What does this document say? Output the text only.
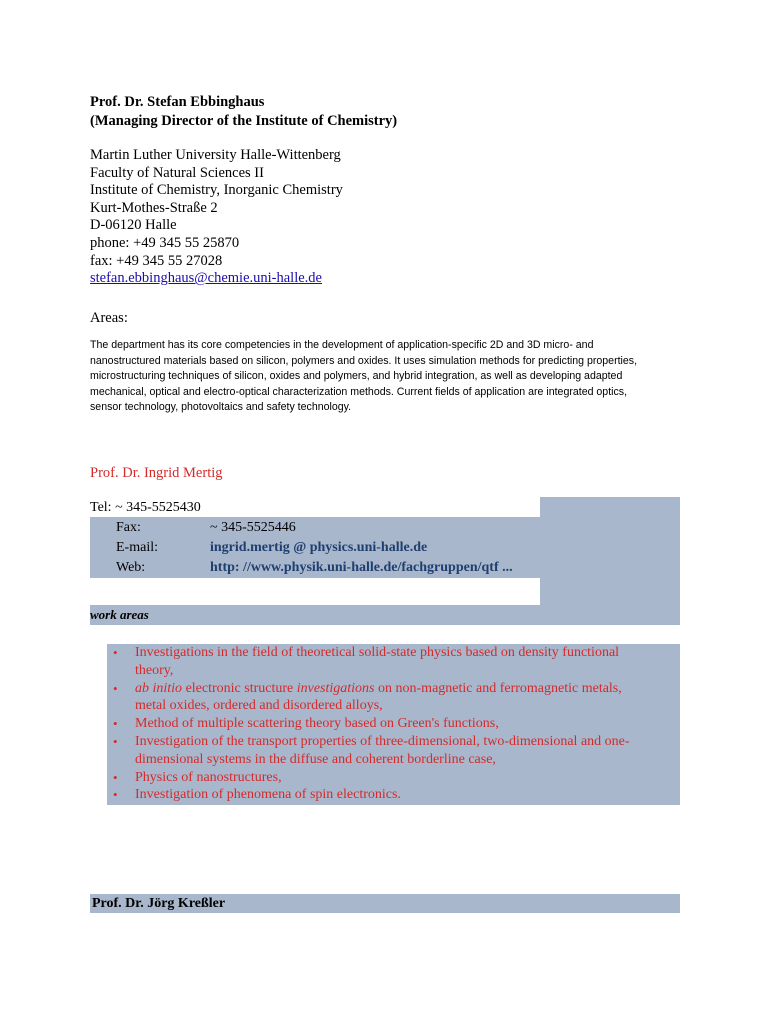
Prof. Dr. Stefan Ebbinghaus
(Managing Director of the Institute of Chemistry)
Martin Luther University Halle-Wittenberg
Faculty of Natural Sciences II
Institute of Chemistry, Inorganic Chemistry
Kurt-Mothes-Straße 2
D-06120 Halle
phone: +49 345 55 25870
fax: +49 345 55 27028
stefan.ebbinghaus@chemie.uni-halle.de
Areas:
The department has its core competencies in the development of application-specific 2D and 3D micro- and
nanostructured materials based on silicon, polymers and oxides. It uses simulation methods for predicting properties,
microstructuring techniques of silicon, oxides and polymers, and hybrid integration, as well as developing adapted
mechanical, optical and electro-optical characterization methods. Current fields of application are integrated optics,
sensor technology, photovoltaics and safety technology.
Prof. Dr. Ingrid Mertig
Tel: ~ 345-5525430
Fax:	~ 345-5525446
E-mail:	ingrid.mertig @ physics.uni-halle.de
Web:	http: //www.physik.uni-halle.de/fachgruppen/qtf ...
work areas
• Investigations in the field of theoretical solid-state physics based on density functional
theory,
• ab initio electronic structure investigations on non-magnetic and ferromagnetic metals,
metal oxides, ordered and disordered alloys,
• Method of multiple scattering theory based on Green's functions,
• Investigation of the transport properties of three-dimensional, two-dimensional and one-
dimensional systems in the diffuse and coherent borderline case,
• Physics of nanostructures,
• Investigation of phenomena of spin electronics.
Prof. Dr. Jörg Kreßler
